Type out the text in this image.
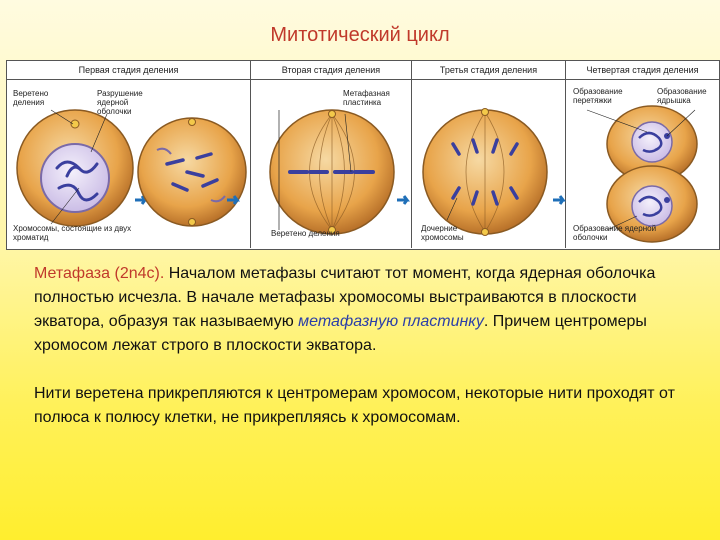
Митотический цикл
Первая стадия деления	Вторая стадия деления	Третья стадия деления	Четвертая стадия деления
Веретено деления
Разрушение ядерной оболочки
Хромосомы, состоящие из двух хроматид
Метафазная пластинка
Веретено деления
Дочерние хромосомы
Образование перетяжки
Образование ядрышка
Образование ядерной оболочки

Метафаза (2n4c). Началом метафазы считают тот момент, когда ядерная оболочка полностью исчезла. В начале метафазы хромосомы выстраиваются в плоскости экватора, образуя так называемую метафазную пластинку. Причем центромеры хромосом лежат строго в плоскости экватора.

Нити веретена прикрепляются к центромерам хромосом, некоторые нити проходят от полюса к полюсу клетки, не прикрепляясь к хромосомам.
